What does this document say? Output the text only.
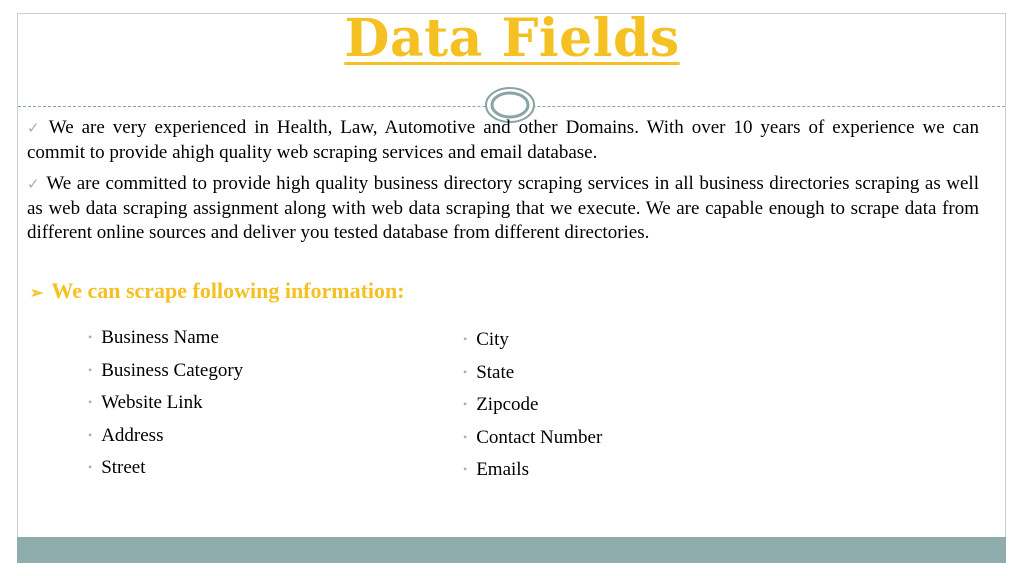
Data Fields
✓ We are very experienced in Health, Law, Automotive and other Domains. With over 10 years of experience we can commit to provide ahigh quality web scraping services and email database.
✓ We are committed to provide high quality business directory scraping services in all business directories scraping as well as web data scraping assignment along with web data scraping that we execute. We are capable enough to scrape data from different online sources and deliver you tested database from different directories.
➢ We can scrape following information:
• Business Name
• Business Category
• Website Link
• Address
• Street
• City
• State
• Zipcode
• Contact Number
• Emails
